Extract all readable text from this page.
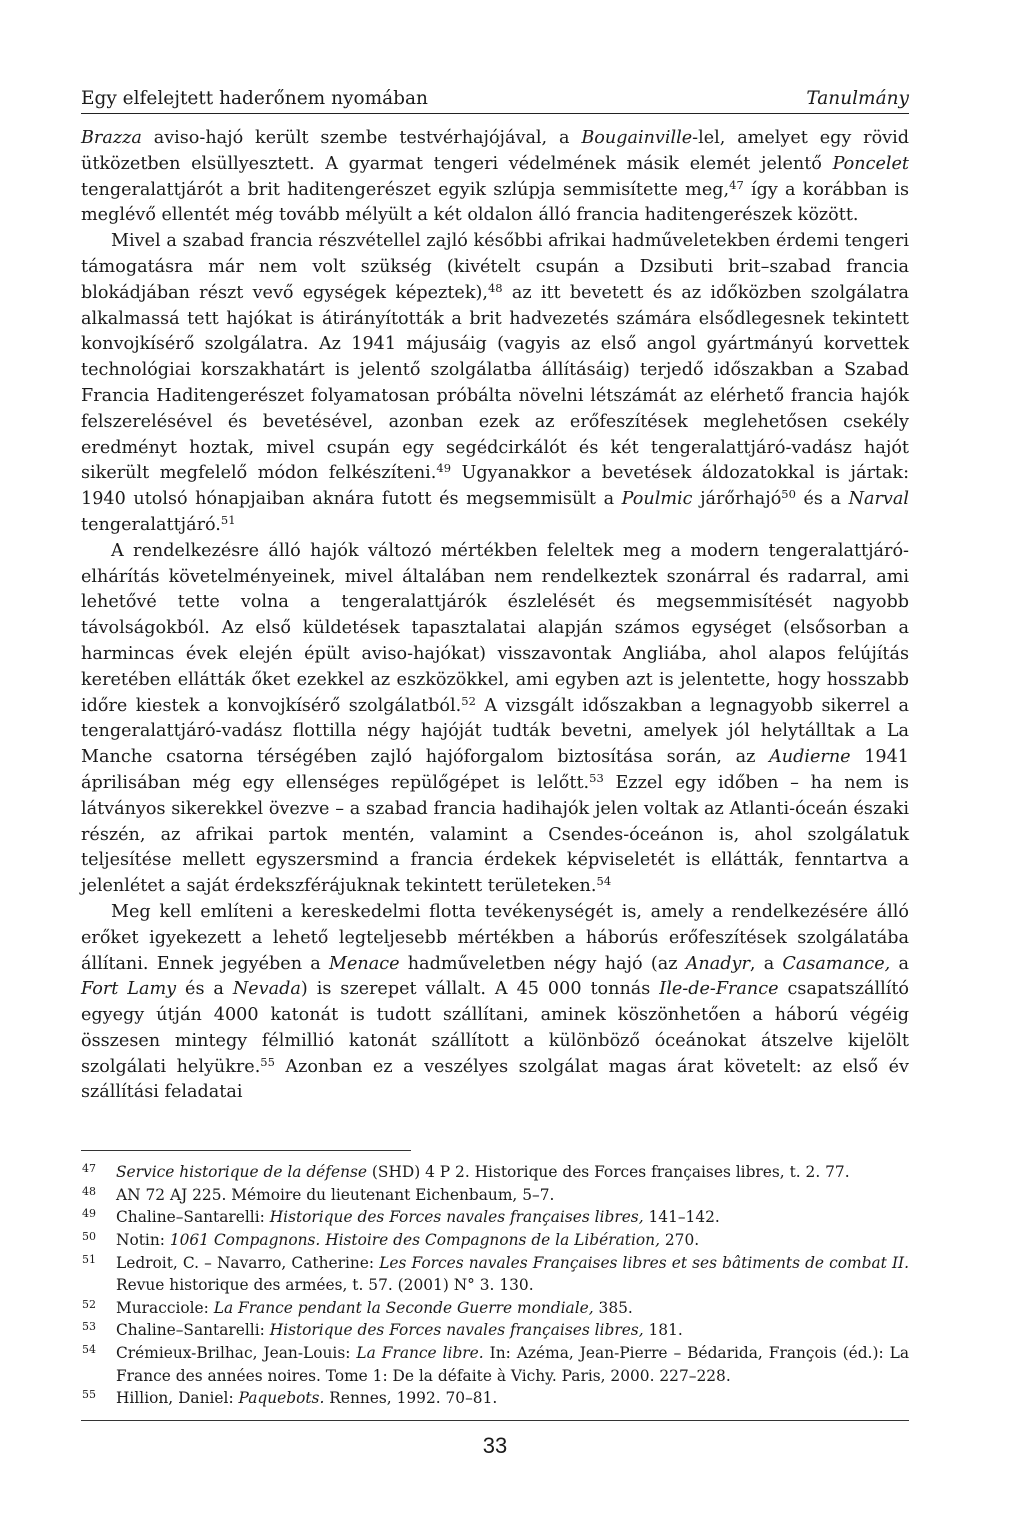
Egy elfelejtett haderőnem nyomában	Tanulmány

Brazza aviso-hajó került szembe testvérhajójával, a Bougainville-lel, amelyet egy rövid ütközetben elsüllyesztett. A gyarmat tengeri védelmének másik elemét jelentő Poncelet tengeralattjárót a brit haditengerészet egyik szlúpja semmisítette meg,$^{47}$ így a korábban is meglévő ellentét még tovább mélyült a két oldalon álló francia haditengerészek között.

Mivel a szabad francia részvétellel zajló későbbi afrikai hadműveletekben érdemi tengeri támogatásra már nem volt szükség (kivételt csupán a Dzsibuti brit–szabad francia blokádjában részt vevő egységek képeztek),$^{48}$ az itt bevetett és az időközben szolgálatra alkalmassá tett hajókat is átirányították a brit hadvezetés számára elsődlegesnek tekintett konvojkísérő szolgálatra. Az 1941 májusáig (vagyis az első angol gyártmányú korvettek technológiai korszakhatárt is jelentő szolgálatba állításáig) terjedő időszakban a Szabad Francia Haditengerészet folyamatosan próbálta növelni létszámát az elérhető francia hajók felszerelésével és bevetésével, azonban ezek az erőfeszítések meglehetősen csekély eredményt hoztak, mivel csupán egy segédcirkálót és két tengeralattjáró-vadász hajót sikerült megfelelő módon felkészíteni.$^{49}$ Ugyanakkor a bevetések áldozatokkal is jártak: 1940 utolsó hónapjaiban aknára futott és megsemmisült a Poulmic járőrhajó$^{50}$ és a Narval tengeralattjáró.$^{51}$

A rendelkezésre álló hajók változó mértékben feleltek meg a modern tengeralattjáró-elhárítás követelményeinek, mivel általában nem rendelkeztek szonárral és radarral, ami lehetővé tette volna a tengeralattjárók észlelését és megsemmisítését nagyobb távolságokból. Az első küldetések tapasztalatai alapján számos egységet (elsősorban a harmincas évek elején épült aviso-hajókat) visszavontak Angliába, ahol alapos felújítás keretében ellátták őket ezekkel az eszközökkel, ami egyben azt is jelentette, hogy hosszabb időre kiestek a konvojkísérő szolgálatból.$^{52}$ A vizsgált időszakban a legnagyobb sikerrel a tengeralattjáró-vadász flottilla négy hajóját tudták bevetni, amelyek jól helytálltak a La Manche csatorna térségében zajló hajóforgalom biztosítása során, az Audierne 1941 áprilisában még egy ellenséges repülőgépet is lelőtt.$^{53}$ Ezzel egy időben – ha nem is látványos sikerekkel övezve – a szabad francia hadihajók jelen voltak az Atlanti-óceán északi részén, az afrikai partok mentén, valamint a Csendes-óceánon is, ahol szolgálatuk teljesítése mellett egyszersmind a francia érdekek képviseletét is ellátták, fenntartva a jelenlétet a saját érdekszférájuknak tekintett területeken.$^{54}$

Meg kell említeni a kereskedelmi flotta tevékenységét is, amely a rendelkezésére álló erőket igyekezett a lehető legteljesebb mértékben a háborús erőfeszítések szolgálatába állítani. Ennek jegyében a Menace hadműveletben négy hajó (az Anadyr, a Casamance, a Fort Lamy és a Nevada) is szerepet vállalt. A 45 000 tonnás Ile-de-France csapatszállító egyegy útján 4000 katonát is tudott szállítani, aminek köszönhetően a háború végéig összesen mintegy félmillió katonát szállított a különböző óceánokat átszelve kijelölt szolgálati helyükre.$^{55}$ Azonban ez a veszélyes szolgálat magas árat követelt: az első év szállítási feladatai

47	Service historique de la défense (SHD) 4 P 2. Historique des Forces françaises libres, t. 2. 77.
48	AN 72 AJ 225. Mémoire du lieutenant Eichenbaum, 5–7.
49	Chaline–Santarelli: Historique des Forces navales françaises libres, 141–142.
50	Notin: 1061 Compagnons. Histoire des Compagnons de la Libération, 270.
51	Ledroit, C. – Navarro, Catherine: Les Forces navales Françaises libres et ses bâtiments de combat II. Revue historique des armées, t. 57. (2001) N° 3. 130.
52	Muracciole: La France pendant la Seconde Guerre mondiale, 385.
53	Chaline–Santarelli: Historique des Forces navales françaises libres, 181.
54	Crémieux-Brilhac, Jean-Louis: La France libre. In: Azéma, Jean-Pierre – Bédarida, François (éd.): La France des années noires. Tome 1: De la défaite à Vichy. Paris, 2000. 227–228.
55	Hillion, Daniel: Paquebots. Rennes, 1992. 70–81.
33
